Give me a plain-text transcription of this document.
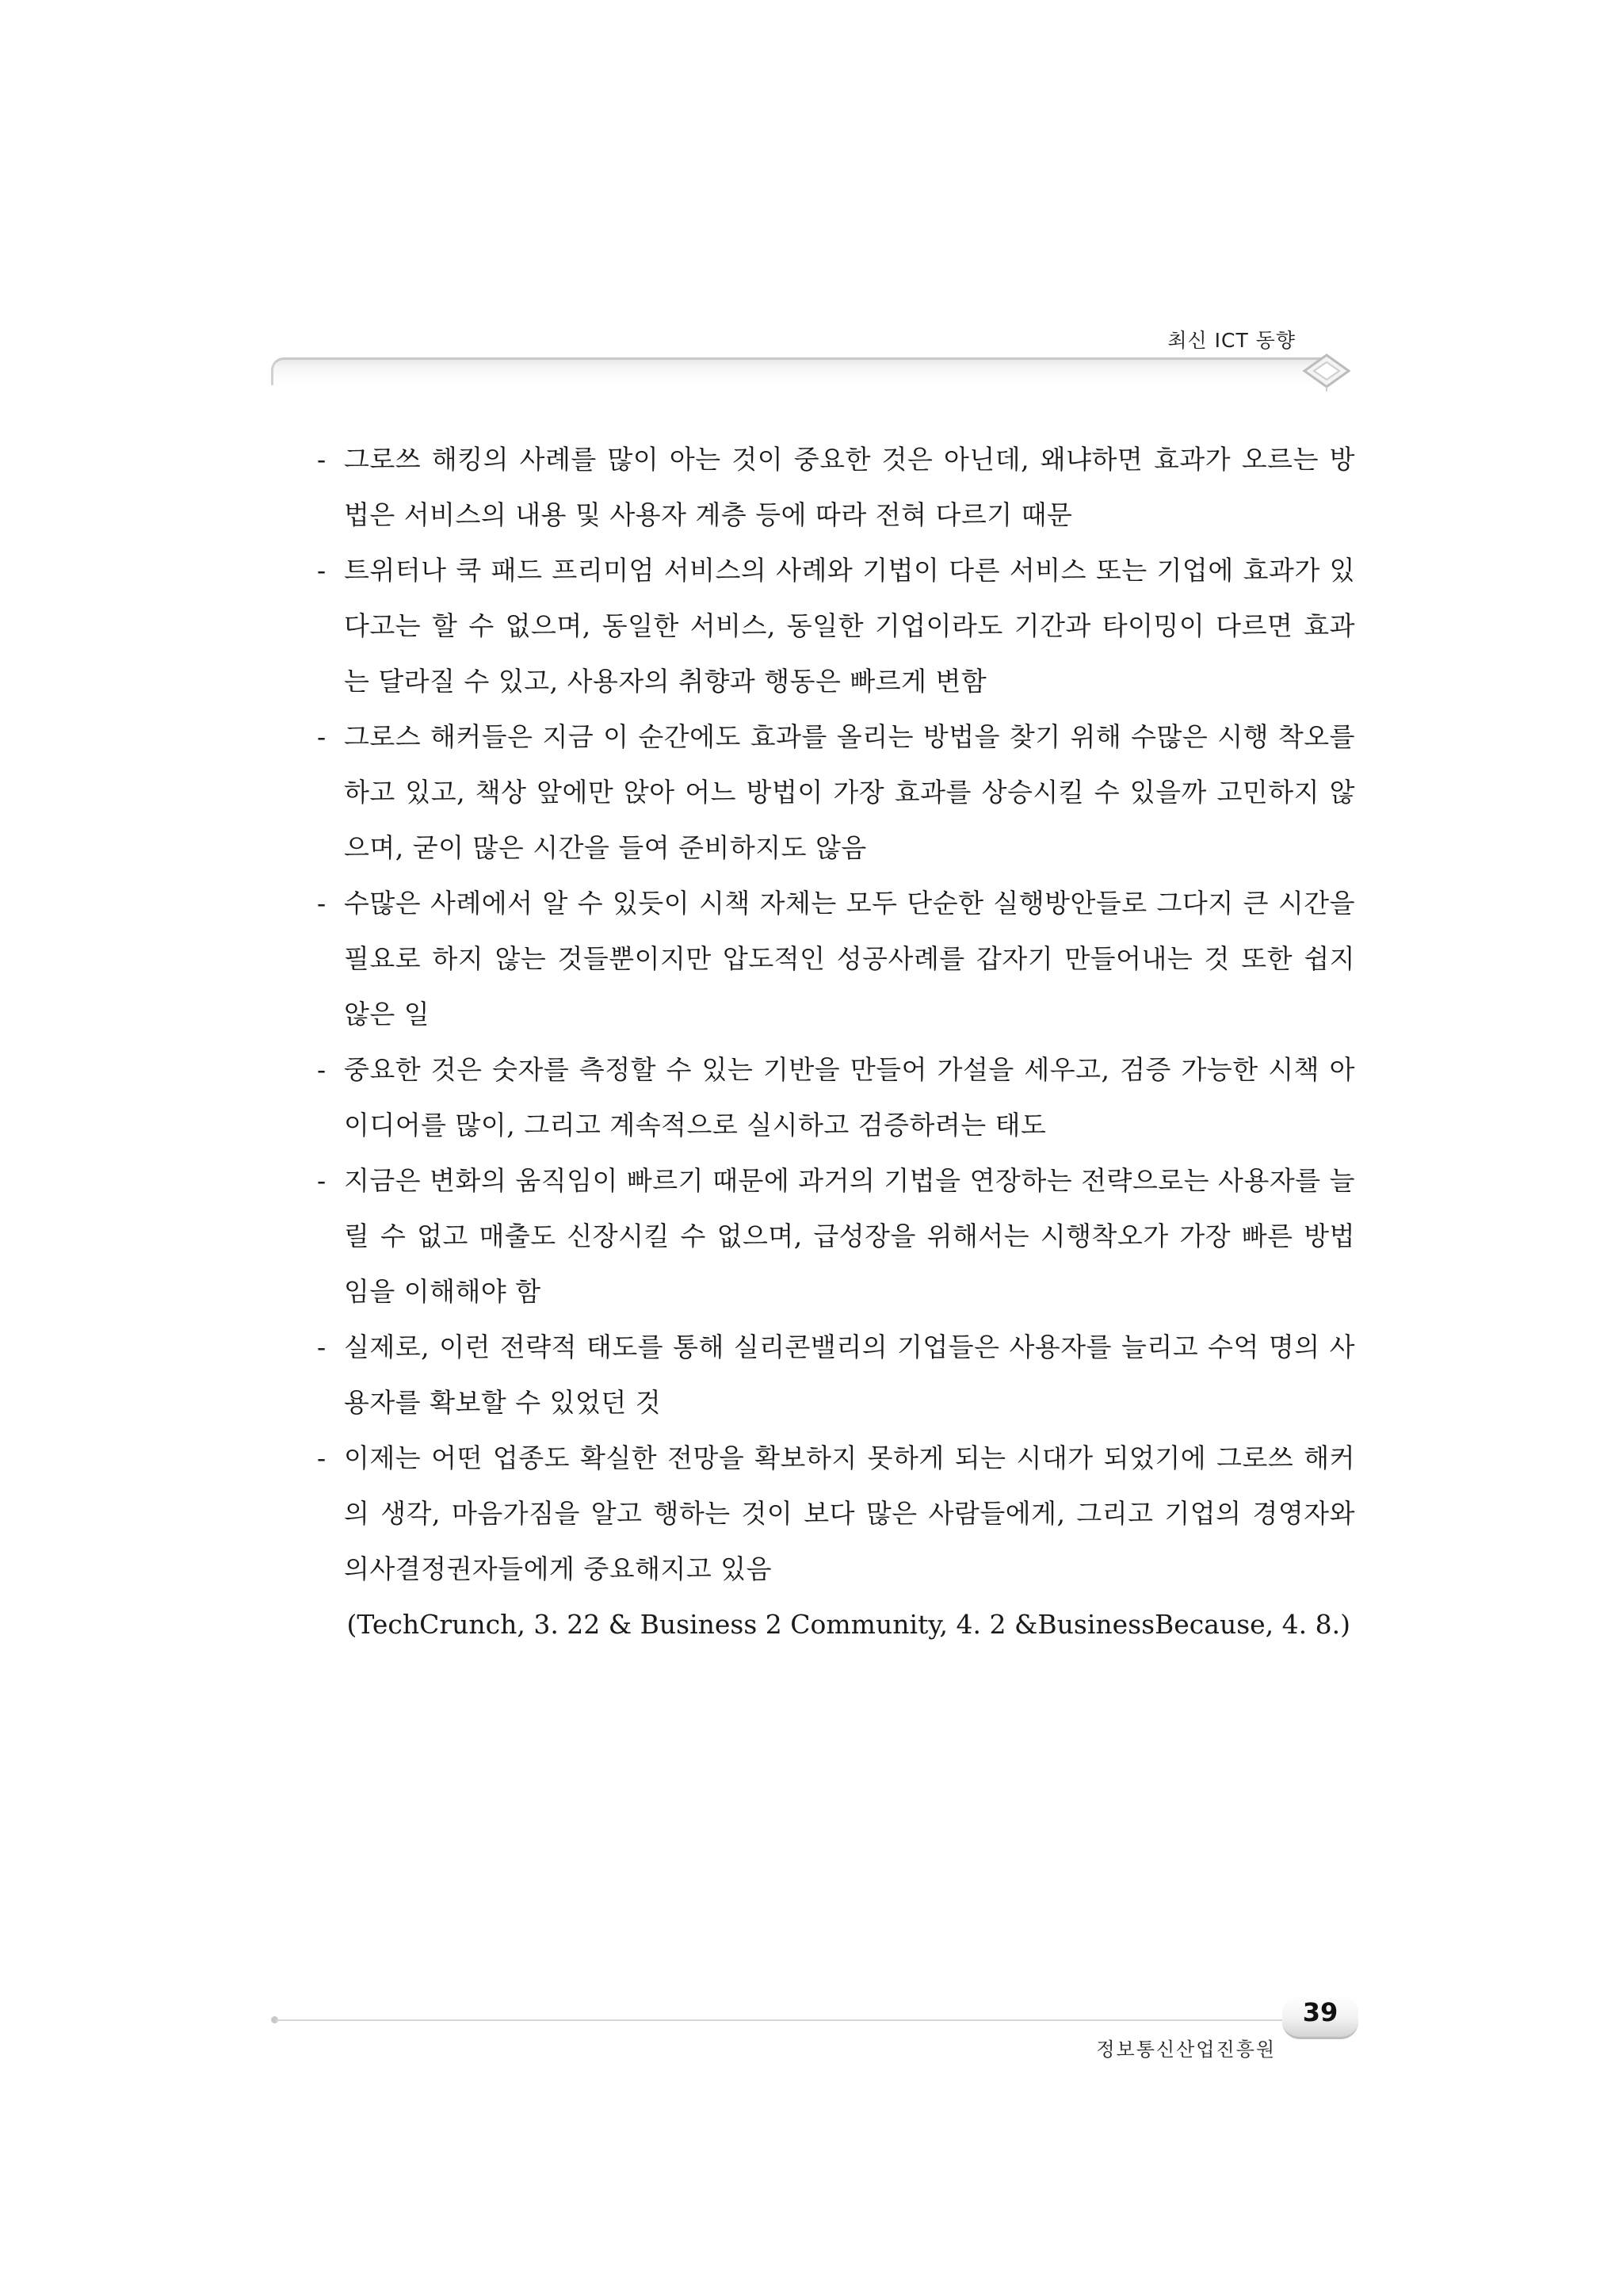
최신 ICT 동향
- 그로쓰 해킹의 사례를 많이 아는 것이 중요한 것은 아닌데, 왜냐하면 효과가 오르는 방법은 서비스의 내용 및 사용자 계층 등에 따라 전혀 다르기 때문
- 트위터나 쿡 패드 프리미엄 서비스의 사례와 기법이 다른 서비스 또는 기업에 효과가 있다고는 할 수 없으며, 동일한 서비스, 동일한 기업이라도 기간과 타이밍이 다르면 효과는 달라질 수 있고, 사용자의 취향과 행동은 빠르게 변함
- 그로스 해커들은 지금 이 순간에도 효과를 올리는 방법을 찾기 위해 수많은 시행 착오를 하고 있고, 책상 앞에만 앉아 어느 방법이 가장 효과를 상승시킬 수 있을까 고민하지 않으며, 굳이 많은 시간을 들여 준비하지도 않음
- 수많은 사례에서 알 수 있듯이 시책 자체는 모두 단순한 실행방안들로 그다지 큰 시간을 필요로 하지 않는 것들뿐이지만 압도적인 성공사례를 갑자기 만들어내는 것 또한 쉽지 않은 일
- 중요한 것은 숫자를 측정할 수 있는 기반을 만들어 가설을 세우고, 검증 가능한 시책 아이디어를 많이, 그리고 계속적으로 실시하고 검증하려는 태도
- 지금은 변화의 움직임이 빠르기 때문에 과거의 기법을 연장하는 전략으로는 사용자를 늘릴 수 없고 매출도 신장시킬 수 없으며, 급성장을 위해서는 시행착오가 가장 빠른 방법임을 이해해야 함
- 실제로, 이런 전략적 태도를 통해 실리콘밸리의 기업들은 사용자를 늘리고 수억 명의 사용자를 확보할 수 있었던 것
- 이제는 어떤 업종도 확실한 전망을 확보하지 못하게 되는 시대가 되었기에 그로쓰 해커의 생각, 마음가짐을 알고 행하는 것이 보다 많은 사람들에게, 그리고 기업의 경영자와 의사결정권자들에게 중요해지고 있음
(TechCrunch, 3. 22 & Business 2 Community, 4. 2 &BusinessBecause, 4. 8.)
39
정보통신산업진흥원
